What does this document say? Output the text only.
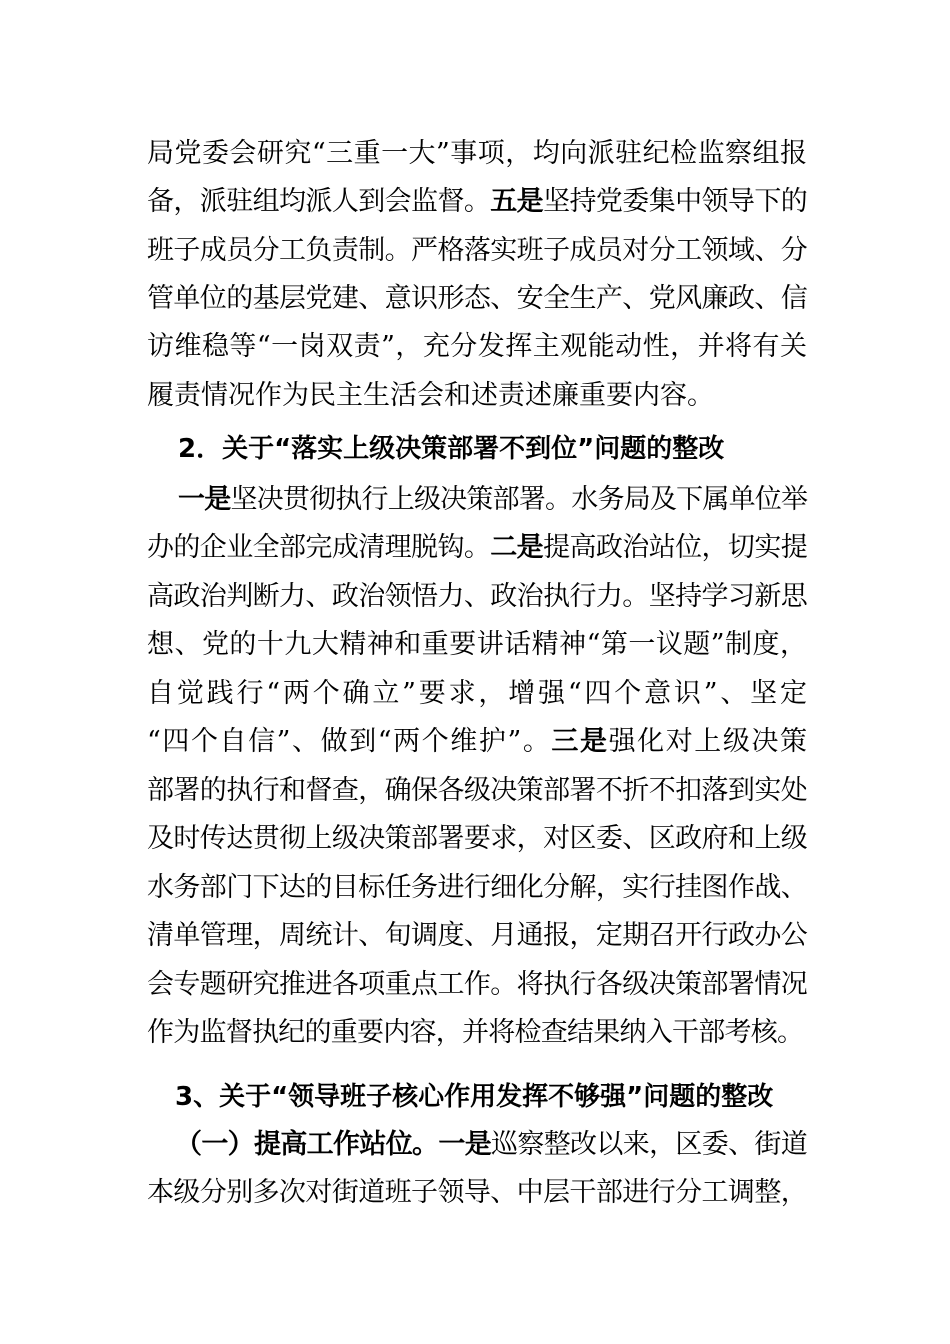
局党委会研究“三重一大”事项，均向派驻纪检监察组报
备，派驻组均派人到会监督。五是坚持党委集中领导下的
班子成员分工负责制。严格落实班子成员对分工领域、分
管单位的基层党建、意识形态、安全生产、党风廉政、信
访维稳等“一岗双责”，充分发挥主观能动性，并将有关
履责情况作为民主生活会和述责述廉重要内容。
2．关于“落实上级决策部署不到位”问题的整改
一是坚决贯彻执行上级决策部署。水务局及下属单位举
办的企业全部完成清理脱钩。二是提高政治站位，切实提
高政治判断力、政治领悟力、政治执行力。坚持学习新思
想、党的十九大精神和重要讲话精神“第一议题”制度，
自觉践行“两个确立”要求，增强“四个意识”、坚定
“四个自信”、做到“两个维护”。三是强化对上级决策
部署的执行和督查，确保各级决策部署不折不扣落到实处
及时传达贯彻上级决策部署要求，对区委、区政府和上级
水务部门下达的目标任务进行细化分解，实行挂图作战、
清单管理，周统计、旬调度、月通报，定期召开行政办公
会专题研究推进各项重点工作。将执行各级决策部署情况
作为监督执纪的重要内容，并将检查结果纳入干部考核。
3、关于“领导班子核心作用发挥不够强”问题的整改
（一）提高工作站位。一是巡察整改以来，区委、街道
本级分别多次对街道班子领导、中层干部进行分工调整，
